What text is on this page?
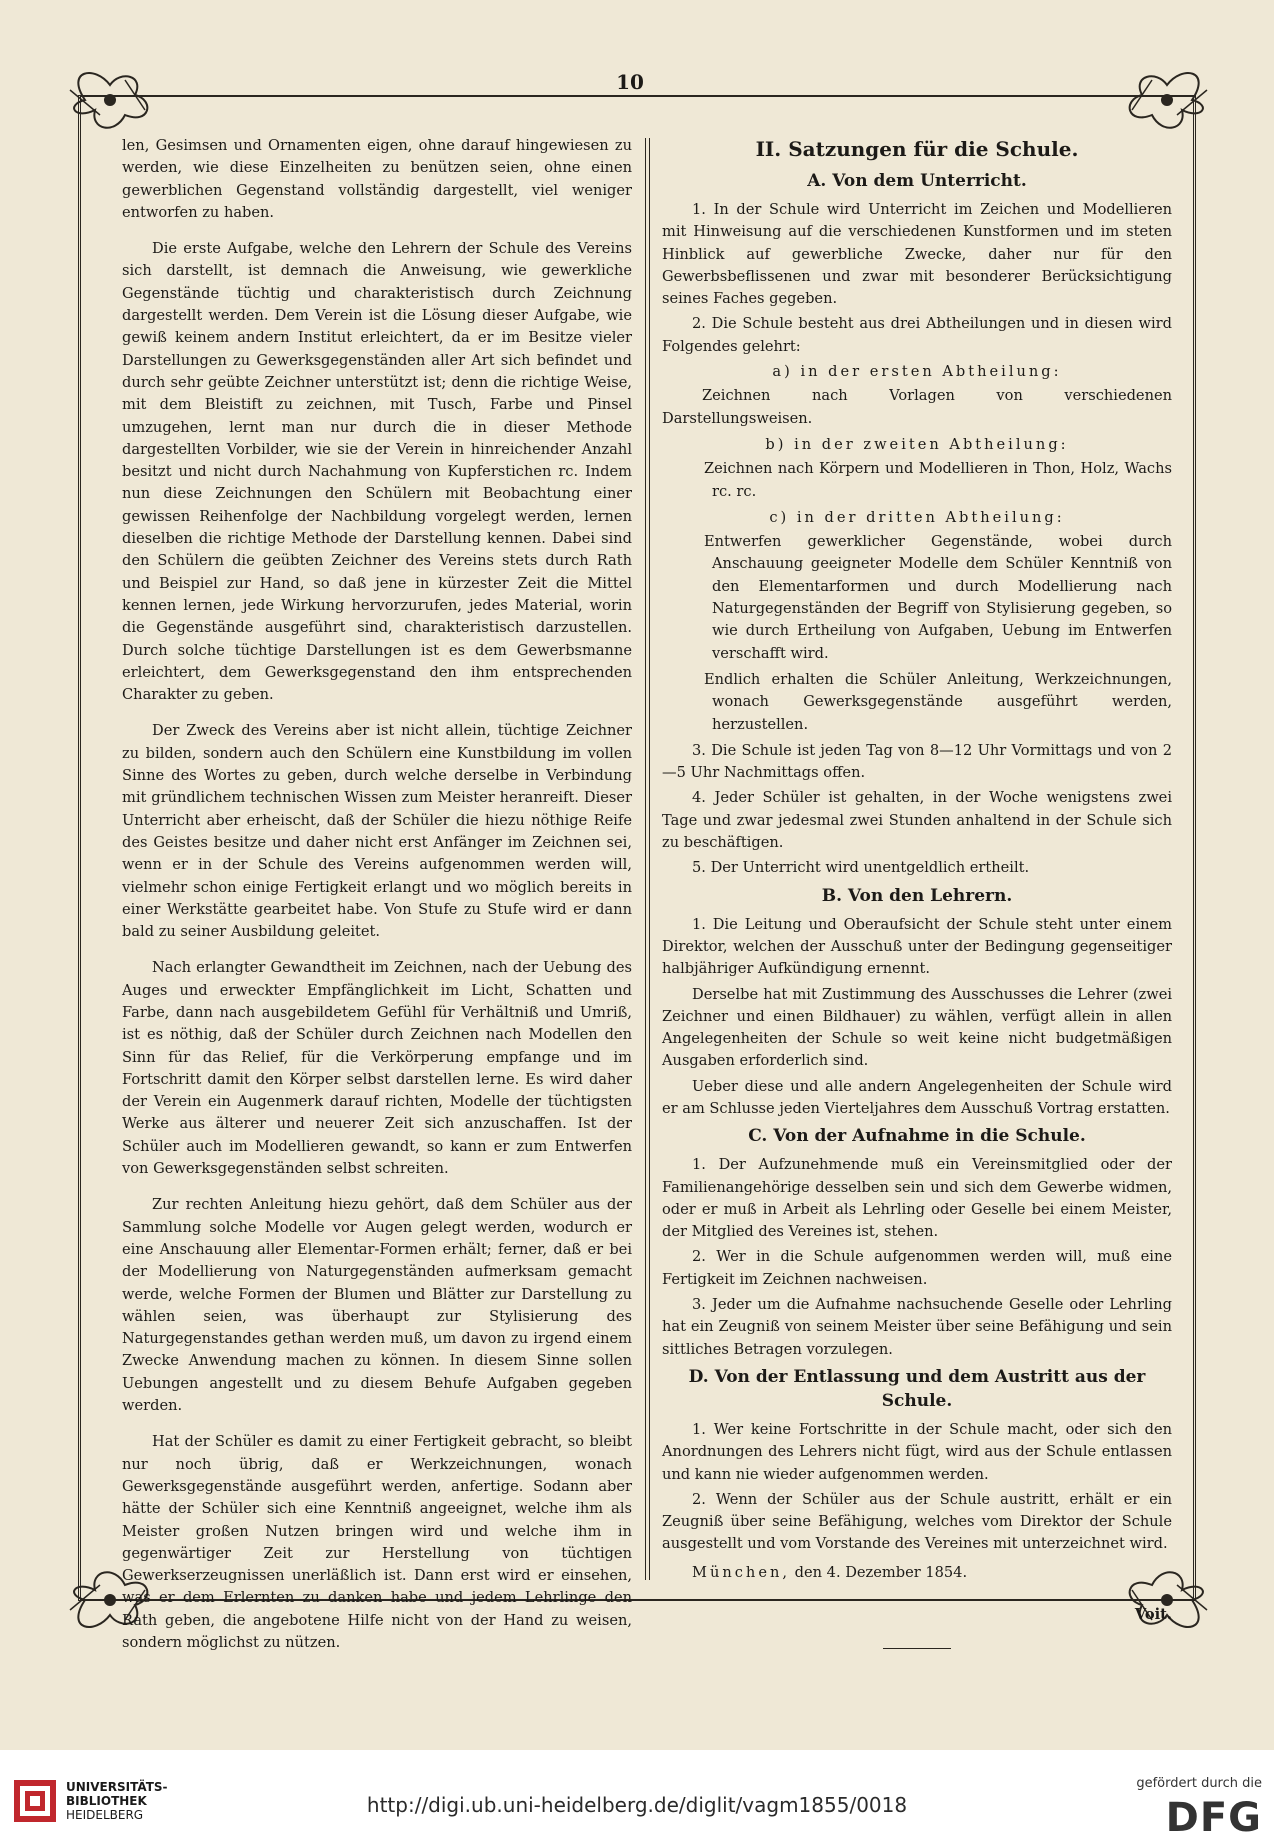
10

len, Gesimsen und Ornamenten eigen, ohne darauf hingewiesen zu werden, wie diese Einzelheiten zu benützen seien, ohne einen gewerblichen Gegenstand vollständig dargestellt, viel weniger entworfen zu haben.

Die erste Aufgabe, welche den Lehrern der Schule des Vereins sich darstellt, ist demnach die Anweisung, wie gewerkliche Gegenstände tüchtig und charakteristisch durch Zeichnung dargestellt werden. Dem Verein ist die Lösung dieser Aufgabe, wie gewiß keinem andern Institut erleichtert, da er im Besitze vieler Darstellungen zu Gewerksgegenständen aller Art sich befindet und durch sehr geübte Zeichner unterstützt ist; denn die richtige Weise, mit dem Bleistift zu zeichnen, mit Tusch, Farbe und Pinsel umzugehen, lernt man nur durch die in dieser Methode dargestellten Vorbilder, wie sie der Verein in hinreichender Anzahl besitzt und nicht durch Nachahmung von Kupferstichen rc. Indem nun diese Zeichnungen den Schülern mit Beobachtung einer gewissen Reihenfolge der Nachbildung vorgelegt werden, lernen dieselben die richtige Methode der Darstellung kennen. Dabei sind den Schülern die geübten Zeichner des Vereins stets durch Rath und Beispiel zur Hand, so daß jene in kürzester Zeit die Mittel kennen lernen, jede Wirkung hervorzurufen, jedes Material, worin die Gegenstände ausgeführt sind, charakteristisch darzustellen. Durch solche tüchtige Darstellungen ist es dem Gewerbsmanne erleichtert, dem Gewerksgegenstand den ihm entsprechenden Charakter zu geben.

Der Zweck des Vereins aber ist nicht allein, tüchtige Zeichner zu bilden, sondern auch den Schülern eine Kunstbildung im vollen Sinne des Wortes zu geben, durch welche derselbe in Verbindung mit gründlichem technischen Wissen zum Meister heranreift. Dieser Unterricht aber erheischt, daß der Schüler die hiezu nöthige Reife des Geistes besitze und daher nicht erst Anfänger im Zeichnen sei, wenn er in der Schule des Vereins aufgenommen werden will, vielmehr schon einige Fertigkeit erlangt und wo möglich bereits in einer Werkstätte gearbeitet habe. Von Stufe zu Stufe wird er dann bald zu seiner Ausbildung geleitet.

Nach erlangter Gewandtheit im Zeichnen, nach der Uebung des Auges und erweckter Empfänglichkeit im Licht, Schatten und Farbe, dann nach ausgebildetem Gefühl für Verhältniß und Umriß, ist es nöthig, daß der Schüler durch Zeichnen nach Modellen den Sinn für das Relief, für die Verkörperung empfange und im Fortschritt damit den Körper selbst darstellen lerne. Es wird daher der Verein ein Augenmerk darauf richten, Modelle der tüchtigsten Werke aus älterer und neuerer Zeit sich anzuschaffen. Ist der Schüler auch im Modellieren gewandt, so kann er zum Entwerfen von Gewerksgegenständen selbst schreiten.

Zur rechten Anleitung hiezu gehört, daß dem Schüler aus der Sammlung solche Modelle vor Augen gelegt werden, wodurch er eine Anschauung aller Elementar-Formen erhält; ferner, daß er bei der Modellierung von Naturgegenständen aufmerksam gemacht werde, welche Formen der Blumen und Blätter zur Darstellung zu wählen seien, was überhaupt zur Stylisierung des Naturgegenstandes gethan werden muß, um davon zu irgend einem Zwecke Anwendung machen zu können. In diesem Sinne sollen Uebungen angestellt und zu diesem Behufe Aufgaben gegeben werden.

Hat der Schüler es damit zu einer Fertigkeit gebracht, so bleibt nur noch übrig, daß er Werkzeichnungen, wonach Gewerksgegenstände ausgeführt werden, anfertige. Sodann aber hätte der Schüler sich eine Kenntniß angeeignet, welche ihm als Meister großen Nutzen bringen wird und welche ihm in gegenwärtiger Zeit zur Herstellung von tüchtigen Gewerkserzeugnissen unerläßlich ist. Dann erst wird er einsehen, was er dem Erlernten zu danken habe und jedem Lehrlinge den Rath geben, die angebotene Hilfe nicht von der Hand zu weisen, sondern möglichst zu nützen.

II. Satzungen für die Schule.
A. Von dem Unterricht.

1. In der Schule wird Unterricht im Zeichen und Modellieren mit Hinweisung auf die verschiedenen Kunstformen und im steten Hinblick auf gewerbliche Zwecke, daher nur für den Gewerbsbeflissenen und zwar mit besonderer Berücksichtigung seines Faches gegeben.

2. Die Schule besteht aus drei Abtheilungen und in diesen wird Folgendes gelehrt:

a) in der ersten Abtheilung:

Zeichnen nach Vorlagen von verschiedenen Darstellungsweisen.

b) in der zweiten Abtheilung:

Zeichnen nach Körpern und Modellieren in Thon, Holz, Wachs rc. rc.

c) in der dritten Abtheilung:

Entwerfen gewerklicher Gegenstände, wobei durch Anschauung geeigneter Modelle dem Schüler Kenntniß von den Elementarformen und durch Modellierung nach Naturgegenständen der Begriff von Stylisierung gegeben, so wie durch Ertheilung von Aufgaben, Uebung im Entwerfen verschafft wird.

Endlich erhalten die Schüler Anleitung, Werkzeichnungen, wonach Gewerksgegenstände ausgeführt werden, herzustellen.

3. Die Schule ist jeden Tag von 8—12 Uhr Vormittags und von 2—5 Uhr Nachmittags offen.

4. Jeder Schüler ist gehalten, in der Woche wenigstens zwei Tage und zwar jedesmal zwei Stunden anhaltend in der Schule sich zu beschäftigen.

5. Der Unterricht wird unentgeldlich ertheilt.

B. Von den Lehrern.

1. Die Leitung und Oberaufsicht der Schule steht unter einem Direktor, welchen der Ausschuß unter der Bedingung gegenseitiger halbjähriger Aufkündigung ernennt.

Derselbe hat mit Zustimmung des Ausschusses die Lehrer (zwei Zeichner und einen Bildhauer) zu wählen, verfügt allein in allen Angelegenheiten der Schule so weit keine nicht budgetmäßigen Ausgaben erforderlich sind.

Ueber diese und alle andern Angelegenheiten der Schule wird er am Schlusse jeden Vierteljahres dem Ausschuß Vortrag erstatten.

C. Von der Aufnahme in die Schule.

1. Der Aufzunehmende muß ein Vereinsmitglied oder der Familienangehörige desselben sein und sich dem Gewerbe widmen, oder er muß in Arbeit als Lehrling oder Geselle bei einem Meister, der Mitglied des Vereines ist, stehen.

2. Wer in die Schule aufgenommen werden will, muß eine Fertigkeit im Zeichnen nachweisen.

3. Jeder um die Aufnahme nachsuchende Geselle oder Lehrling hat ein Zeugniß von seinem Meister über seine Befähigung und sein sittliches Betragen vorzulegen.

D. Von der Entlassung und dem Austritt aus der Schule.

1. Wer keine Fortschritte in der Schule macht, oder sich den Anordnungen des Lehrers nicht fügt, wird aus der Schule entlassen und kann nie wieder aufgenommen werden.

2. Wenn der Schüler aus der Schule austritt, erhält er ein Zeugniß über seine Befähigung, welches vom Direktor der Schule ausgestellt und vom Vorstande des Vereines mit unterzeichnet wird.

München, den 4. Dezember 1854.
Voit.
UNIVERSITÄTS-
BIBLIOTHEK
HEIDELBERG	http://digi.ub.uni-heidelberg.de/diglit/vagm1855/0018
gefördert durch die
DFG
